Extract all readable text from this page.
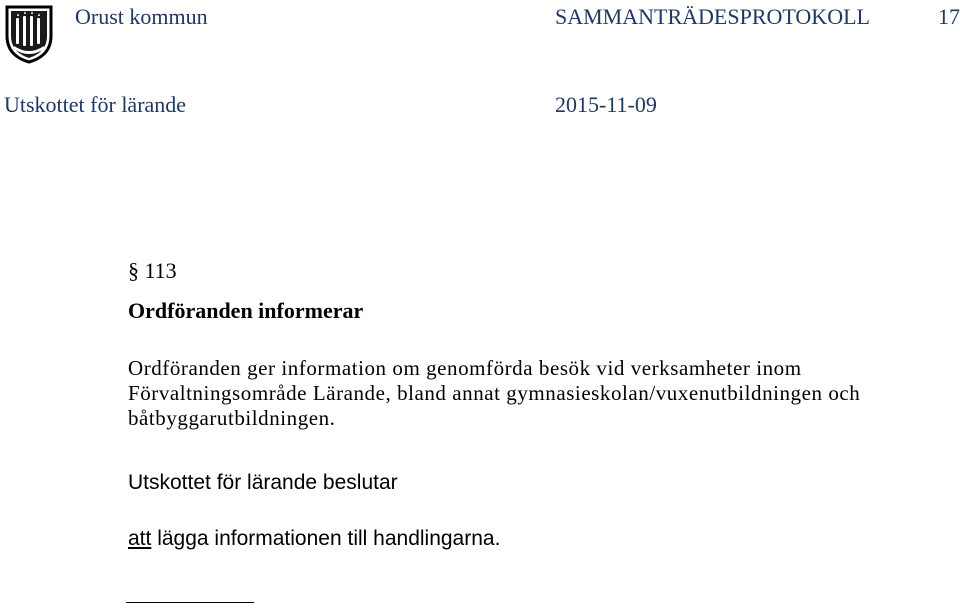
Orust kommun	SAMMANTRÄDESPROTOKOLL	17
Utskottet för lärande	2015-11-09
§ 113
Ordföranden informerar
Ordföranden ger information om genomförda besök vid verksamheter inom Förvaltningsområde Lärande, bland annat gymnasieskolan/vuxenutbildningen och båtbyggarutbildningen.
Utskottet för lärande beslutar
att lägga informationen till handlingarna.
